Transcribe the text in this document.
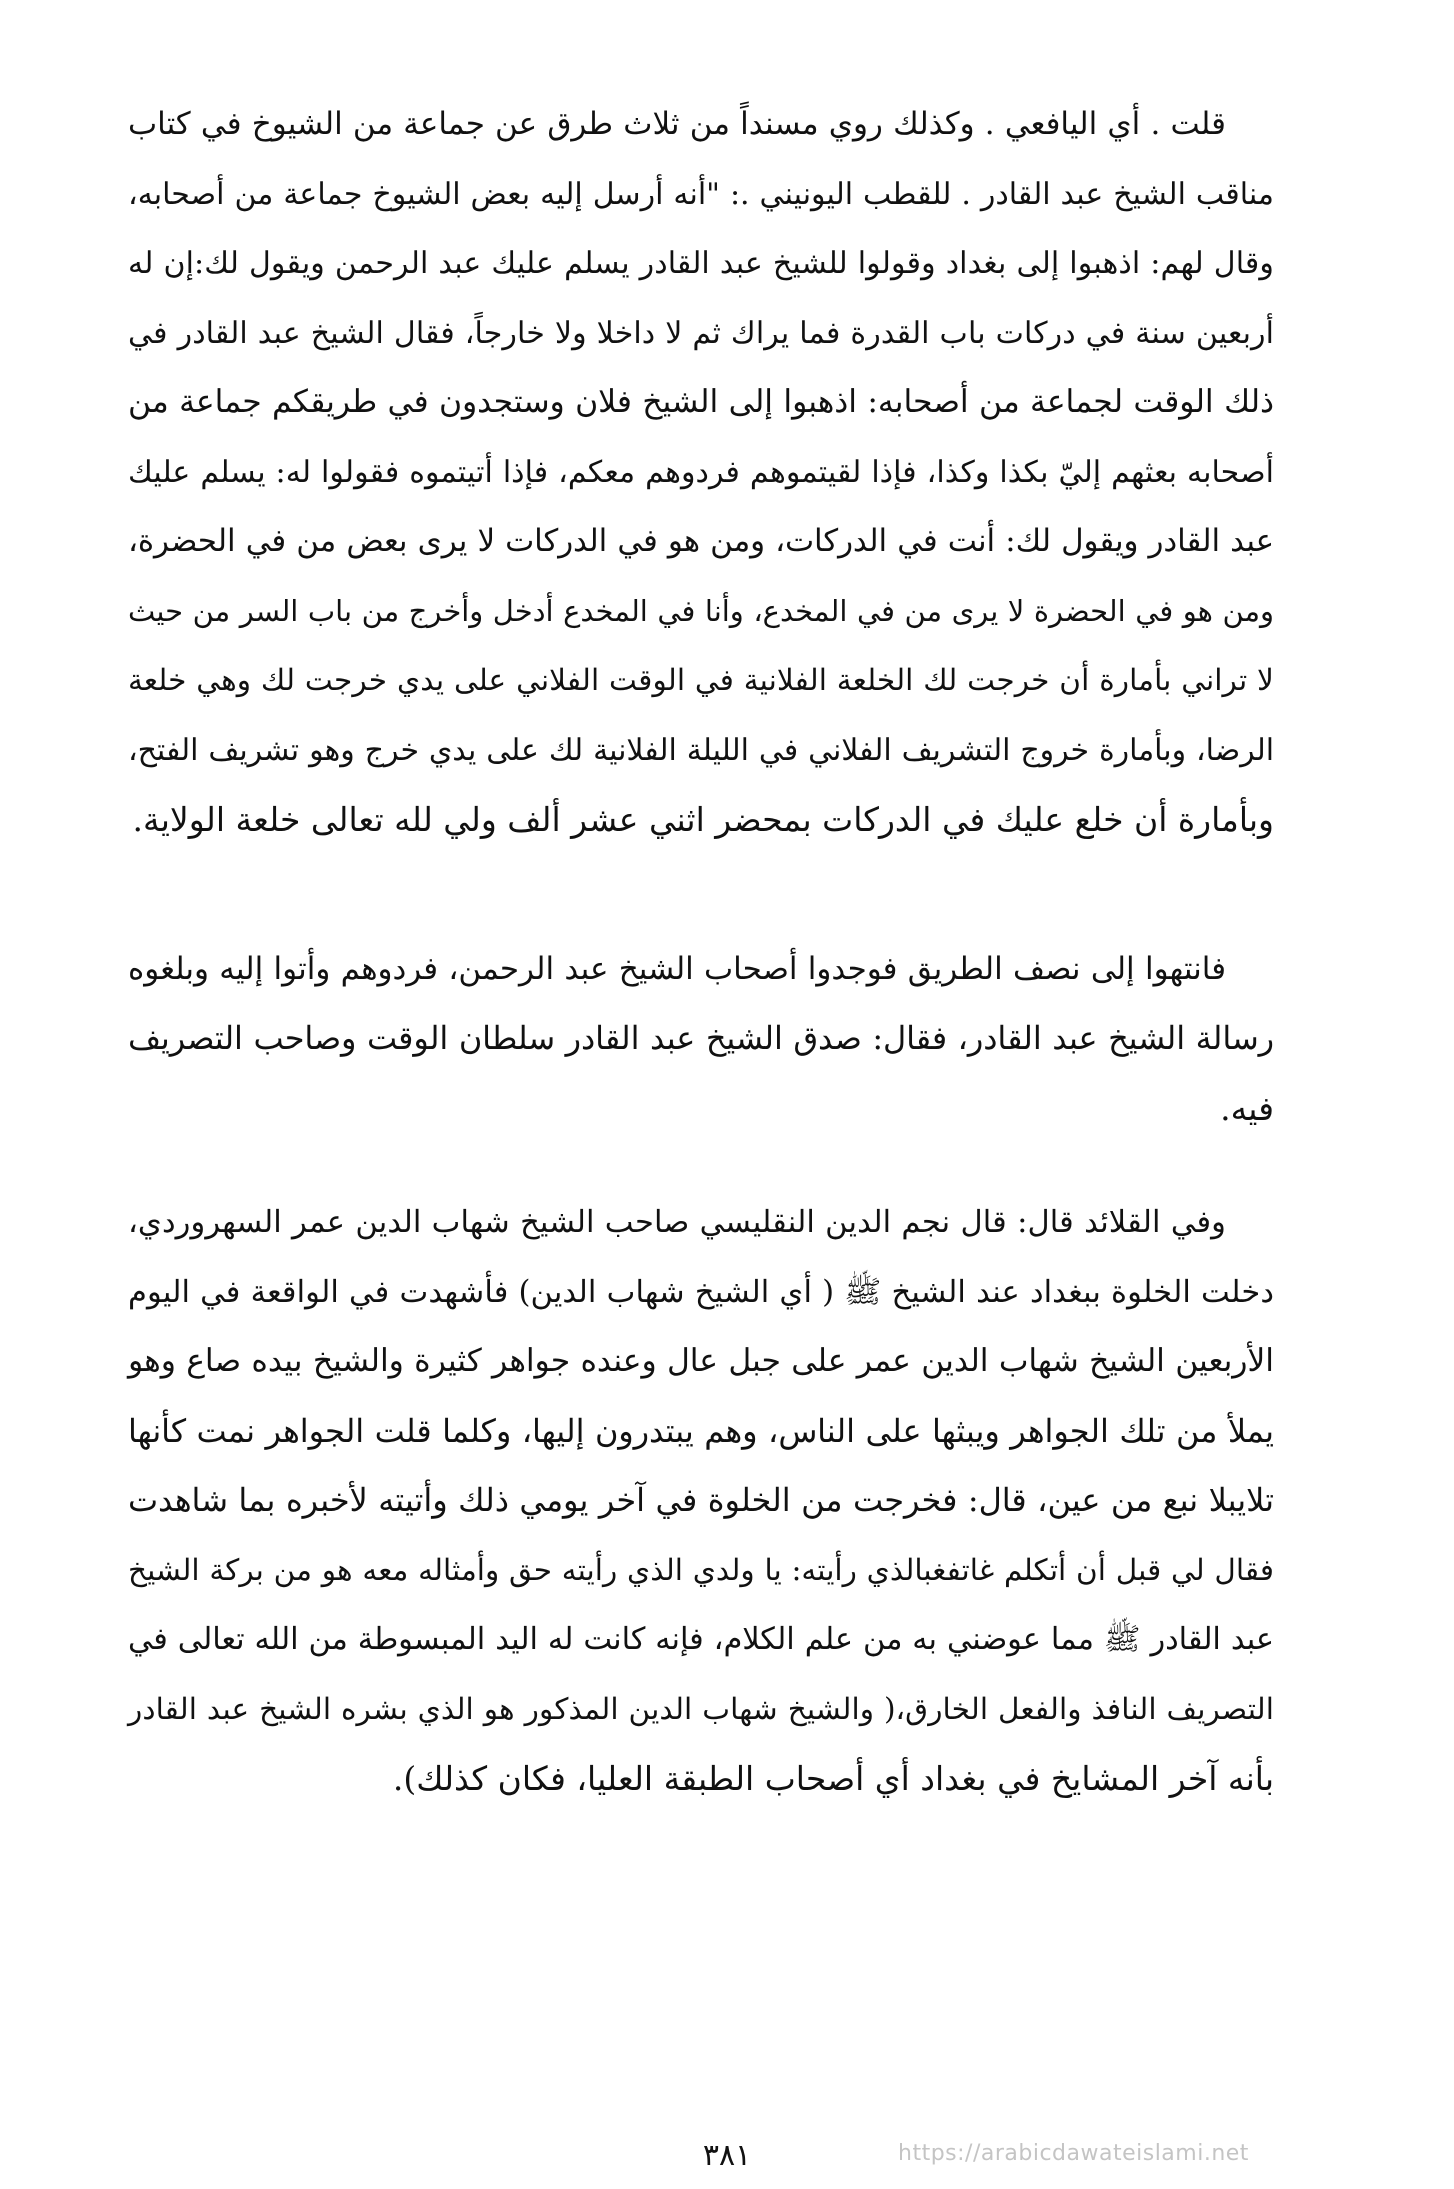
قلت . أي اليافعي . وكذلك روي مسنداً من ثلاث طرق عن جماعة من الشيوخ في كتاب
مناقب الشيخ عبد القادر . للقطب اليونيني .: "أنه أرسل إليه بعض الشيوخ جماعة من أصحابه،
وقال لهم: اذهبوا إلى بغداد وقولوا للشيخ عبد القادر يسلم عليك عبد الرحمن ويقول لك:إن له
أربعين سنة في دركات باب القدرة فما يراك ثم لا داخلا ولا خارجاً، فقال الشيخ عبد القادر في
ذلك الوقت لجماعة من أصحابه: اذهبوا إلى الشيخ فلان وستجدون في طريقكم جماعة من
أصحابه بعثهم إليّ بكذا وكذا، فإذا لقيتموهم فردوهم معكم، فإذا أتيتموه فقولوا له: يسلم عليك
عبد القادر ويقول لك: أنت في الدركات، ومن هو في الدركات لا يرى بعض من في الحضرة،
ومن هو في الحضرة لا يرى من في المخدع، وأنا في المخدع أدخل وأخرج من باب السر من حيث
لا تراني بأمارة أن خرجت لك الخلعة الفلانية في الوقت الفلاني على يدي خرجت لك وهي خلعة
الرضا، وبأمارة خروج التشريف الفلاني في الليلة الفلانية لك على يدي خرج وهو تشريف الفتح،
وبأمارة أن خلع عليك في الدركات بمحضر اثني عشر ألف ولي لله تعالى خلعة الولاية.
فانتهوا إلى نصف الطريق فوجدوا أصحاب الشيخ عبد الرحمن، فردوهم وأتوا إليه وبلغوه
رسالة الشيخ عبد القادر، فقال: صدق الشيخ عبد القادر سلطان الوقت وصاحب التصريف
فيه.
وفي القلائد قال: قال نجم الدين النقليسي صاحب الشيخ شهاب الدين عمر السهروردي،
دخلت الخلوة ببغداد عند الشيخ ﷺ ( أي الشيخ شهاب الدين) فأشهدت في الواقعة في اليوم
الأربعين الشيخ شهاب الدين عمر على جبل عال وعنده جواهر كثيرة والشيخ بيده صاع وهو
يملأ من تلك الجواهر ويبثها على الناس، وهم يبتدرون إليها، وكلما قلت الجواهر نمت كأنها
تلايبلا نبع من عين، قال: فخرجت من الخلوة في آخر يومي ذلك وأتيته لأخبره بما شاهدت
فقال لي قبل أن أتكلم غاتفغبالذي رأيته: يا ولدي الذي رأيته حق وأمثاله معه هو من بركة الشيخ
عبد القادر ﷺ مما عوضني به من علم الكلام، فإنه كانت له اليد المبسوطة من الله تعالى في
التصريف النافذ والفعل الخارق،( والشيخ شهاب الدين المذكور هو الذي بشره الشيخ عبد القادر
بأنه آخر المشايخ في بغداد أي أصحاب الطبقة العليا، فكان كذلك).
٣٨١	https://arabicdawateislami.net
